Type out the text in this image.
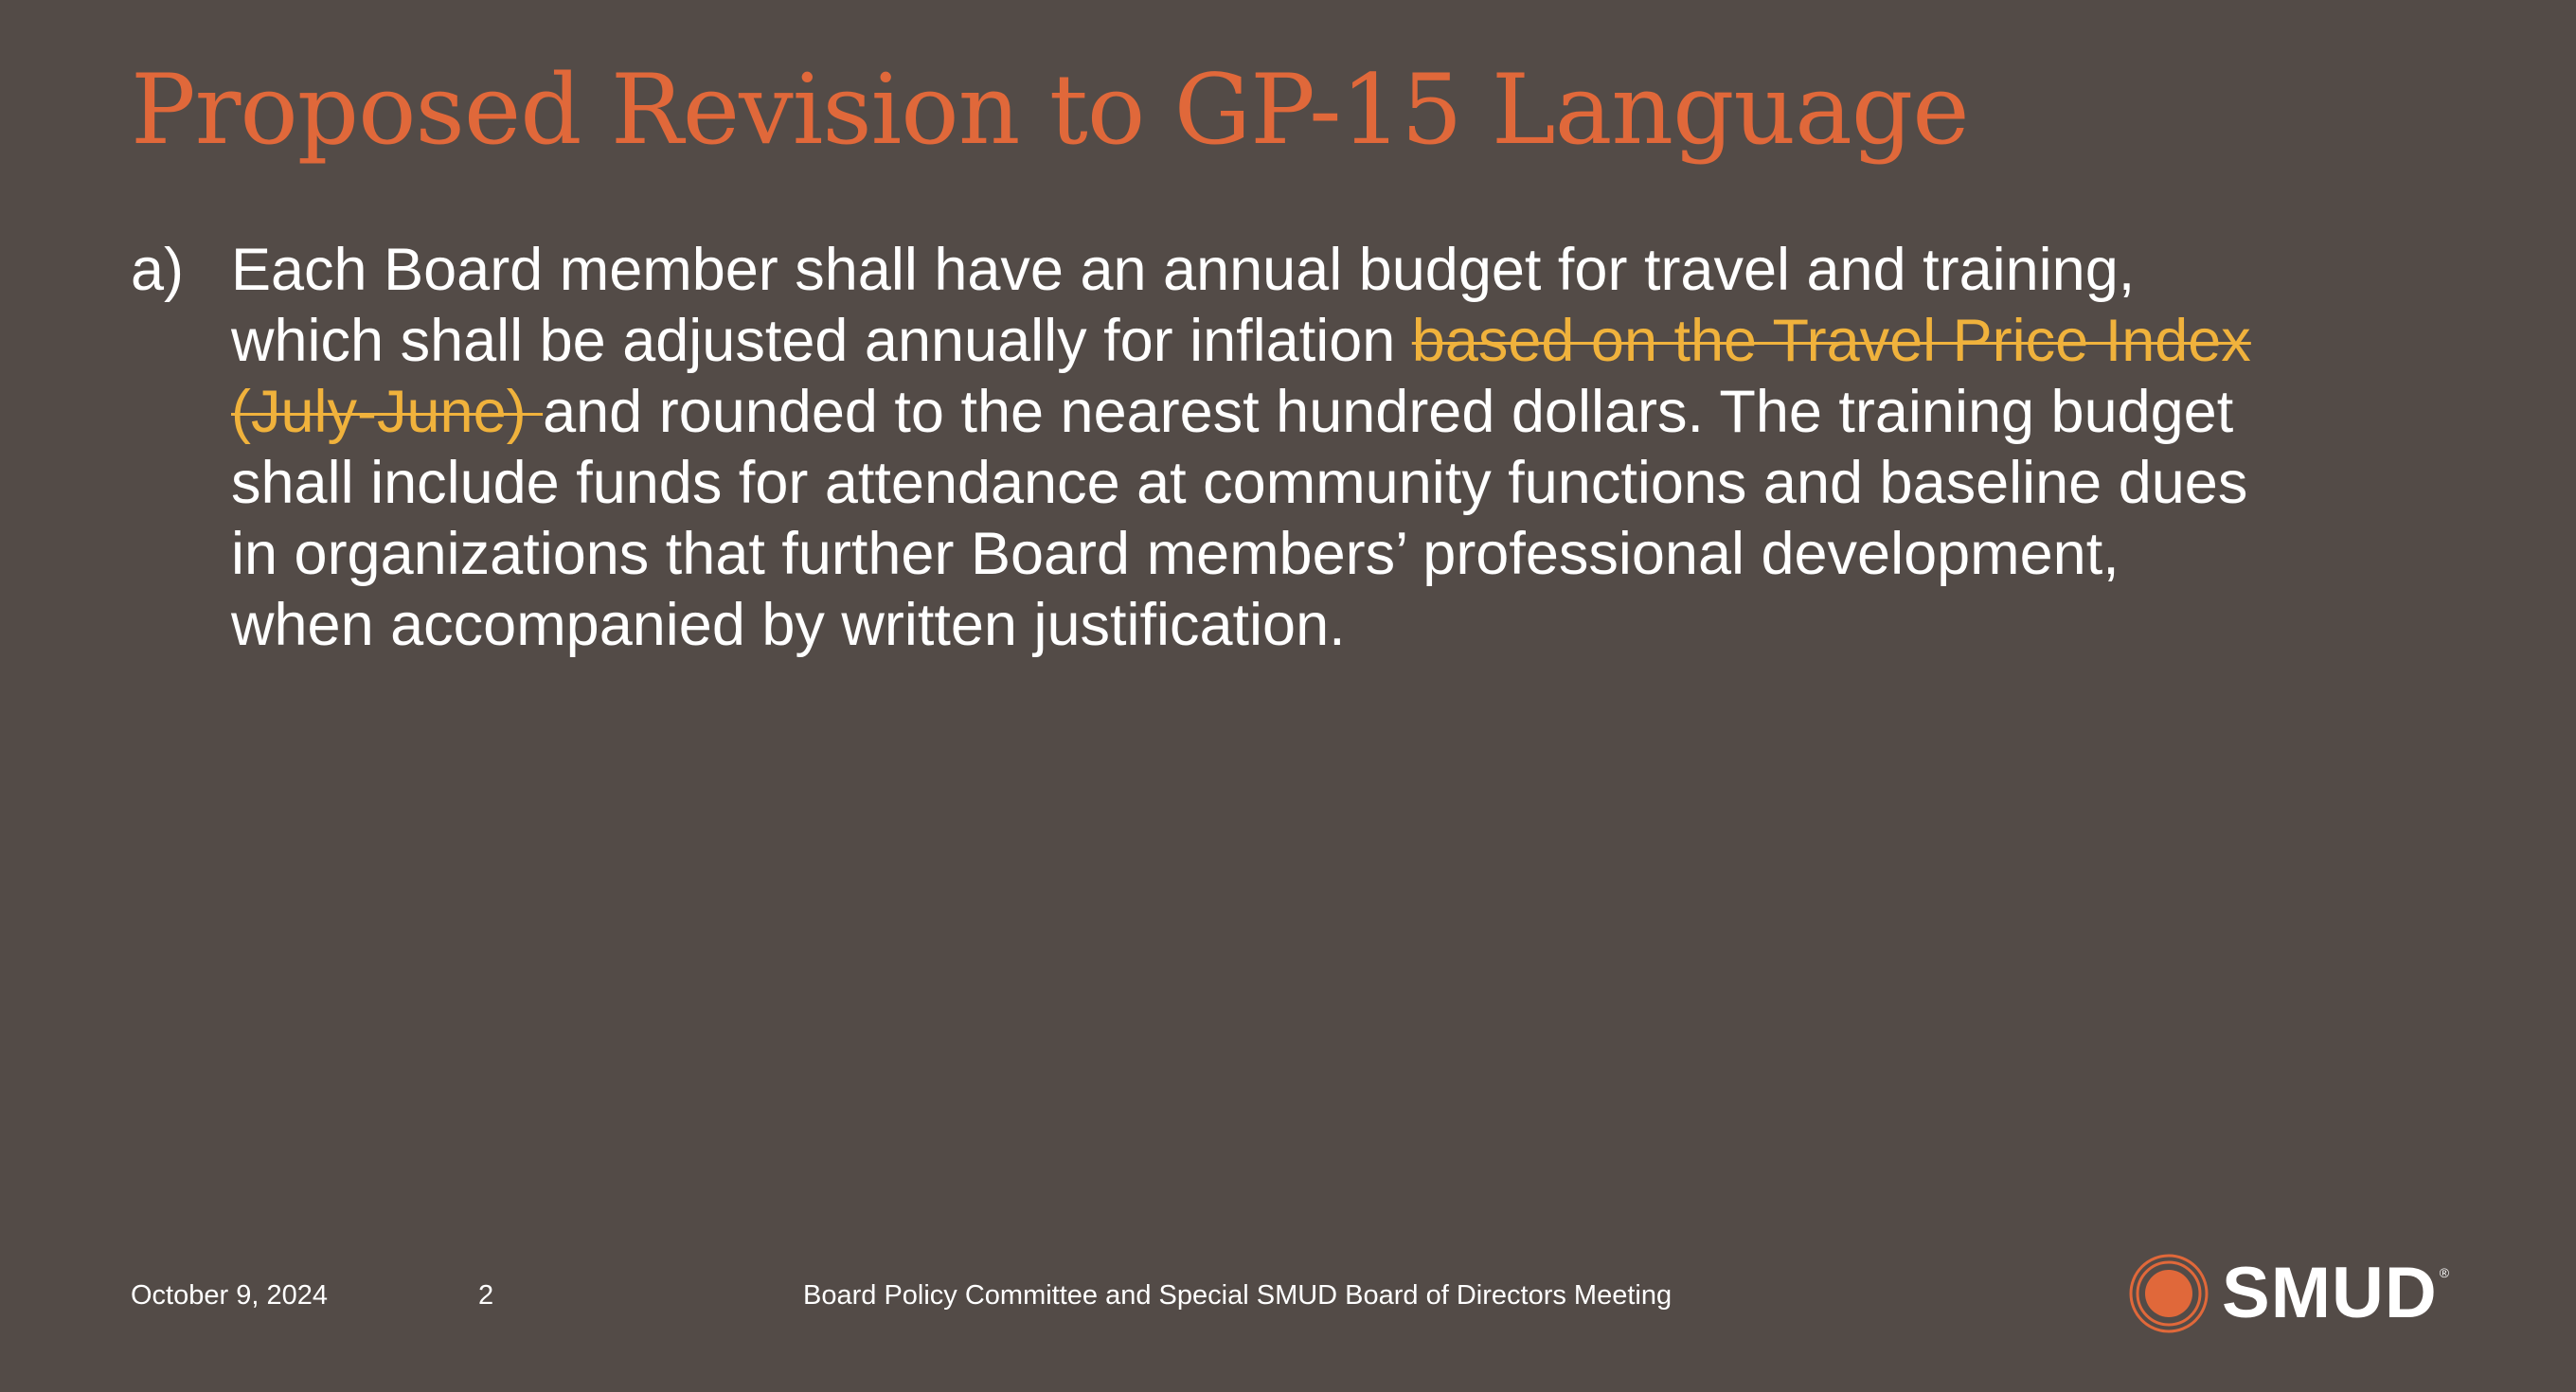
Proposed Revision to GP-15 Language
a) Each Board member shall have an annual budget for travel and training,
which shall be adjusted annually for inflation based on the Travel Price Index
(July-June) and rounded to the nearest hundred dollars. The training budget
shall include funds for attendance at community functions and baseline dues
in organizations that further Board members’ professional development,
when accompanied by written justification.

October 9, 2024	2	Board Policy Committee and Special SMUD Board of Directors Meeting	SMUD ®
